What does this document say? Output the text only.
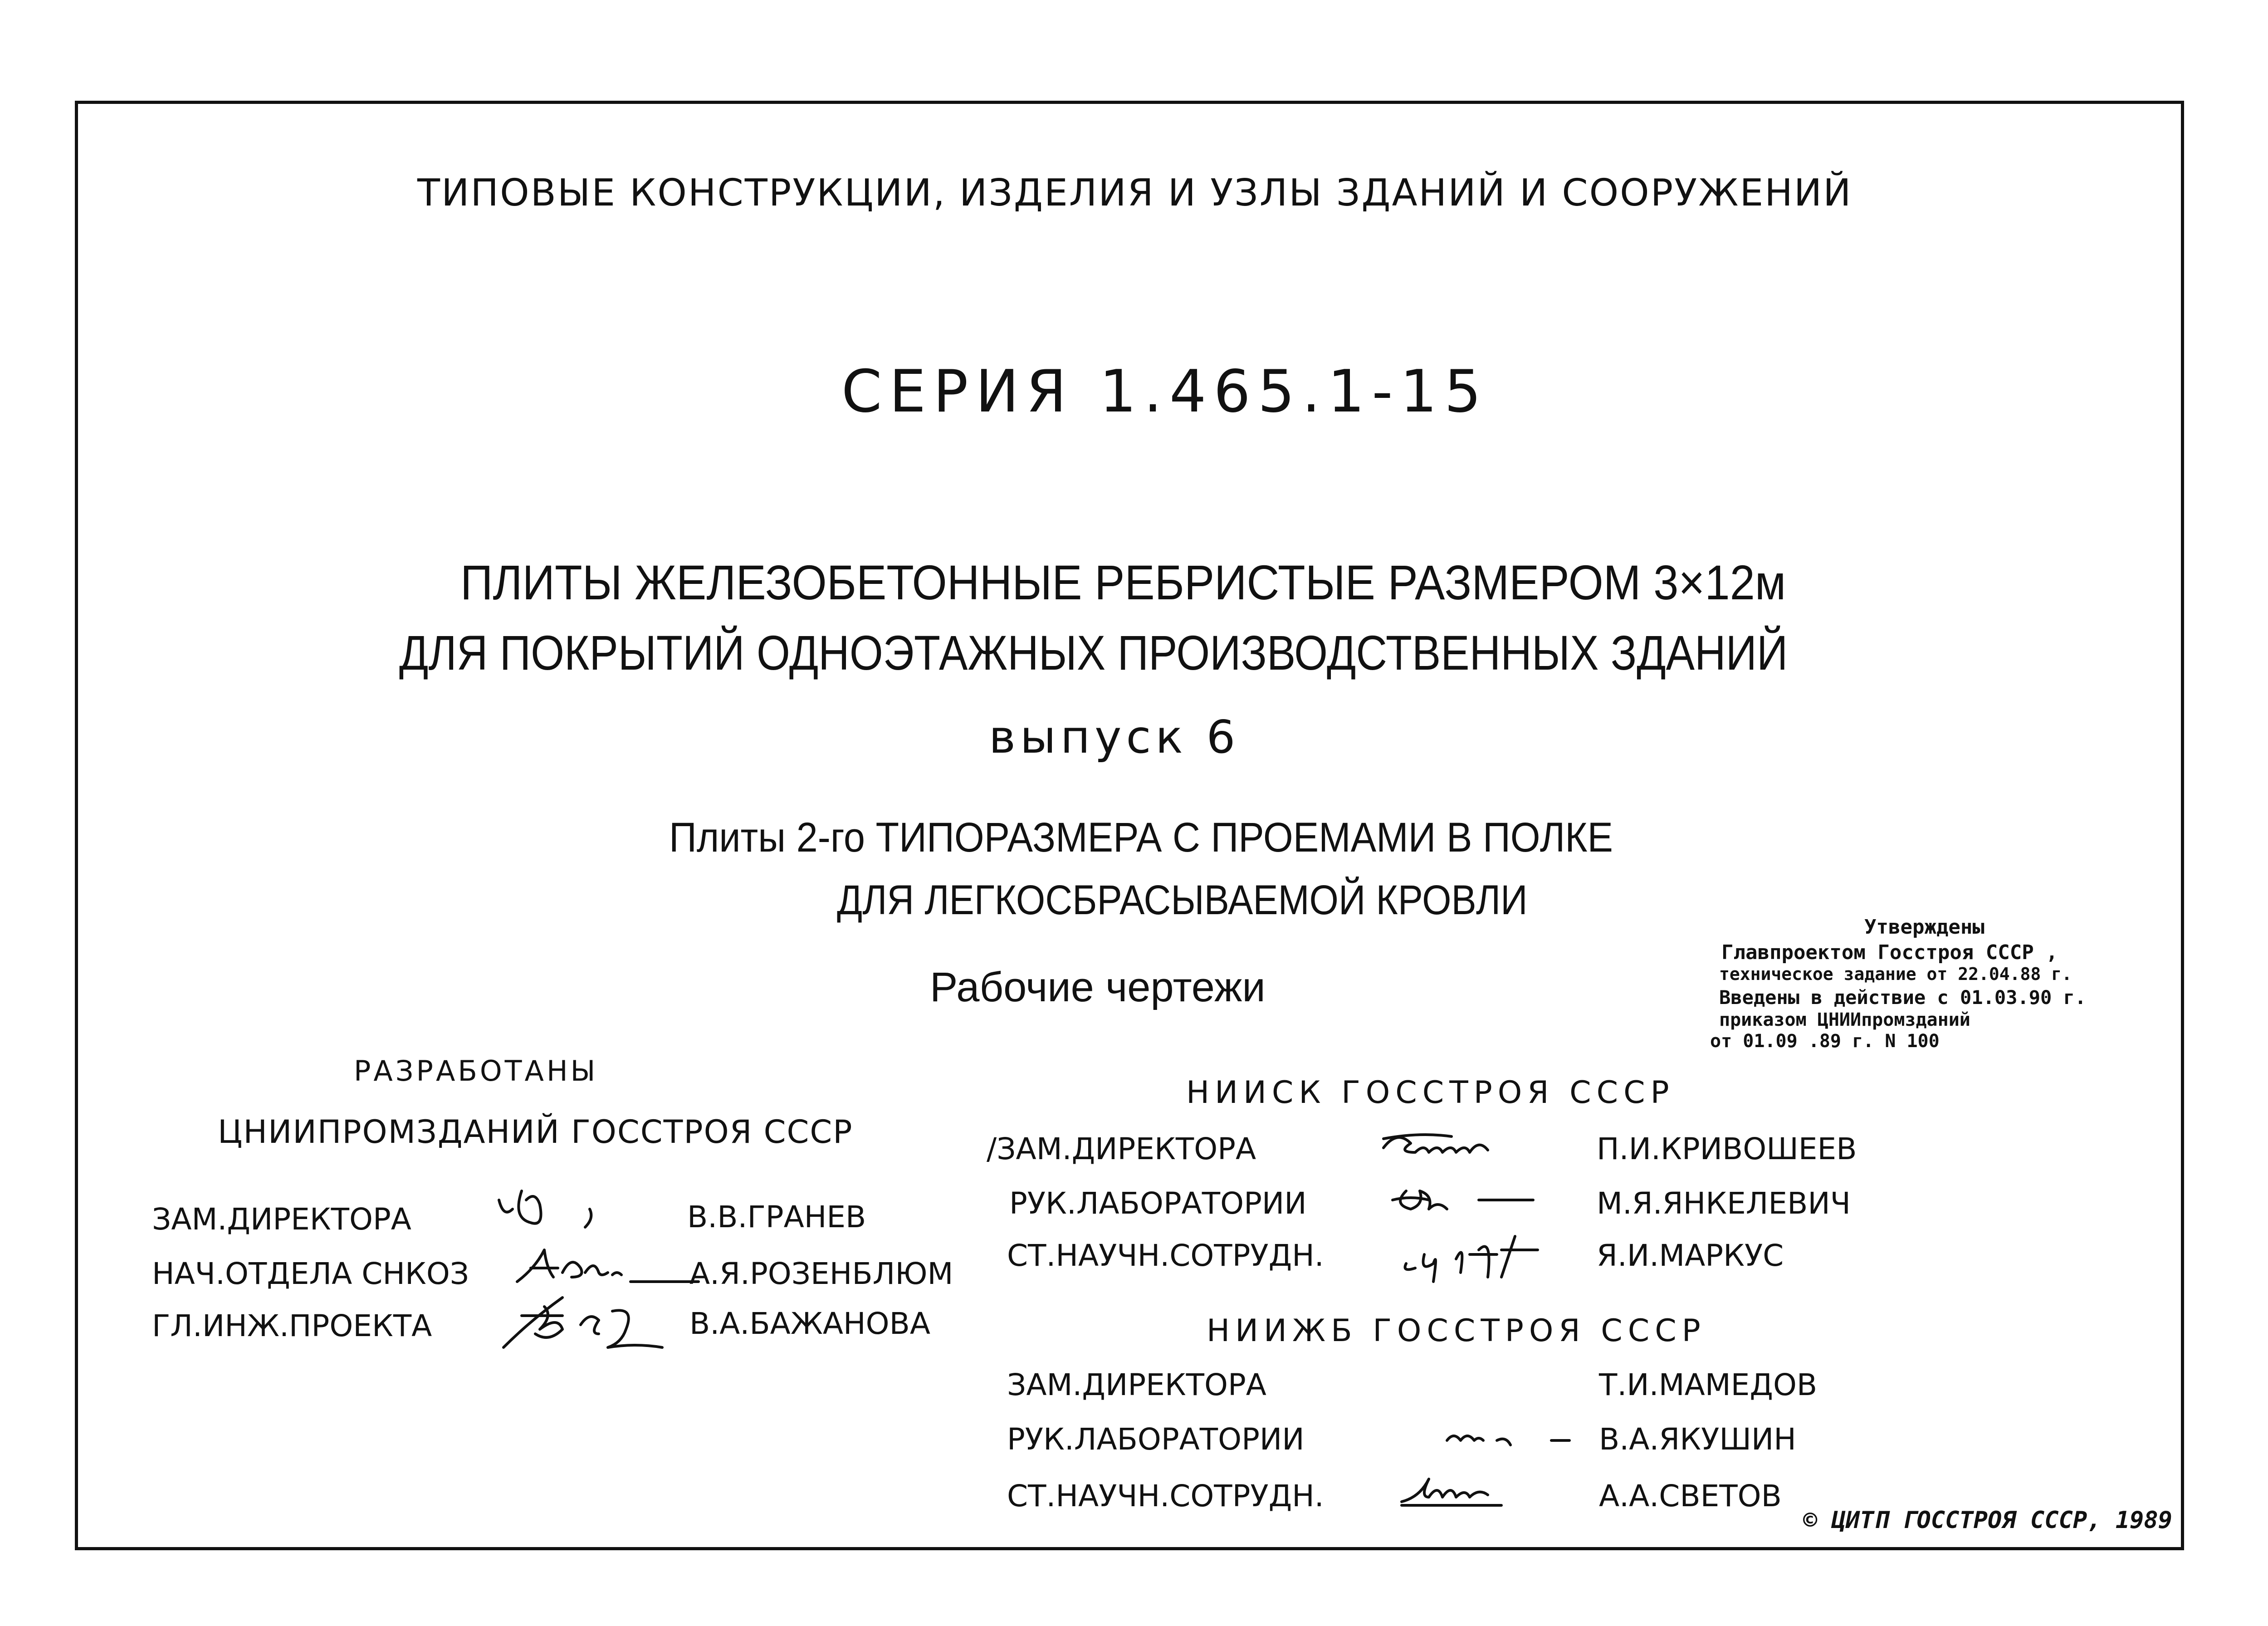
ТИПОВЫЕ КОНСТРУКЦИИ, ИЗДЕЛИЯ И УЗЛЫ ЗДАНИЙ И СООРУЖЕНИЙ
СЕРИЯ 1.465.1-15
ПЛИТЫ ЖЕЛЕЗОБЕТОННЫЕ РЕБРИСТЫЕ РАЗМЕРОМ 3×12м
ДЛЯ ПОКРЫТИЙ ОДНОЭТАЖНЫХ ПРОИЗВОДСТВЕННЫХ ЗДАНИЙ
выпуск 6
Плиты 2-го ТИПОРАЗМЕРА С ПРОЕМАМИ В ПОЛКЕ
ДЛЯ ЛЕГКОСБРАСЫВАЕМОЙ КРОВЛИ
Рабочие чертежи
Утверждены
Главпроектом Госстроя СССР ,
техническое задание от 22.04.88 г.
Введены в действие с 01.03.90 г.
приказом ЦНИИпромзданий
от 01.09 .89 г. N 100
РАЗРАБОТАНЫ
ЦНИИПРОМЗДАНИЙ ГОССТРОЯ СССР
ЗАМ.ДИРЕКТОРА	В.В.ГРАНЕВ
НАЧ.ОТДЕЛА СНКОЗ	А.Я.РОЗЕНБЛЮМ
ГЛ.ИНЖ.ПРОЕКТА	В.А.БАЖАНОВА
НИИСК ГОССТРОЯ СССР
/ЗАМ.ДИРЕКТОРА	П.И.КРИВОШЕЕВ
РУК.ЛАБОРАТОРИИ	М.Я.ЯНКЕЛЕВИЧ
СТ.НАУЧН.СОТРУДН.	Я.И.МАРКУС
НИИЖБ ГОССТРОЯ СССР
ЗАМ.ДИРЕКТОРА	Т.И.МАМЕДОВ
РУК.ЛАБОРАТОРИИ	В.А.ЯКУШИН
СТ.НАУЧН.СОТРУДН.	А.А.СВЕТОВ
© ЦИТП ГОССТРОЯ СССР, 1989
